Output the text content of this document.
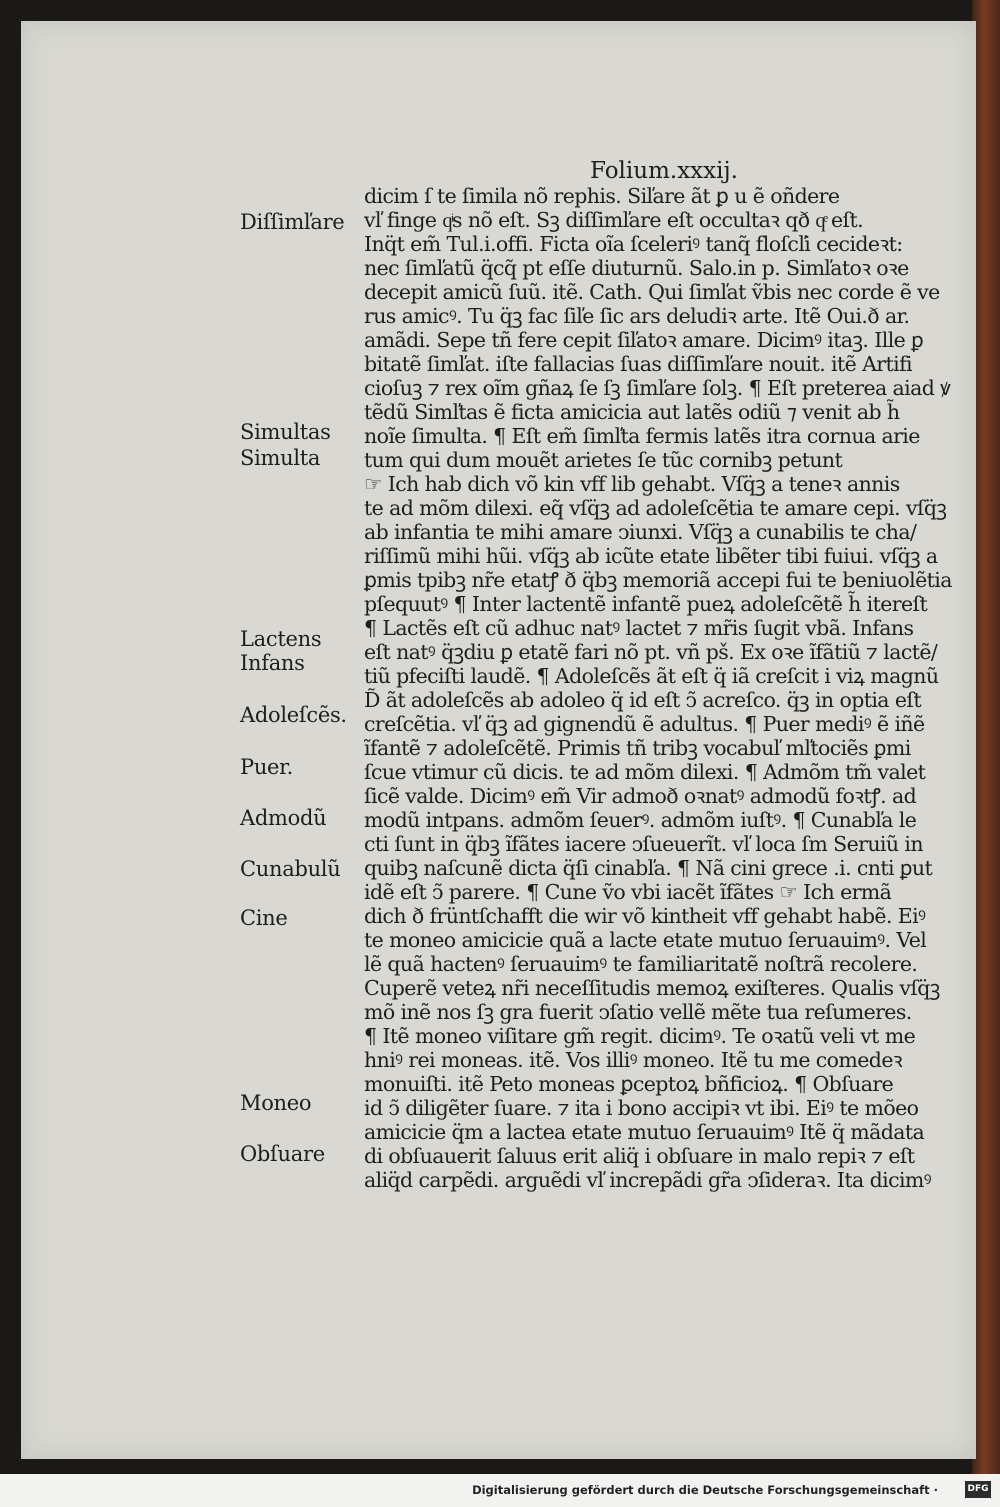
Folium.xxxij.
dicim ſ te ſimila nõ rephis. Siľare ãt ꝑ u ẽ oñdere
vľ finge qͥs nõ eſt. Sꝫ diſſimľare eſt occultaꝛ qð qͤ eſt.
Inq̈t em̃ Tul.i.offi. Ficta oĩa ſceleriꝰ tanq̃ floſcľi cecideꝛt:
nec ſimľatũ q̈cq̃ pt eſſe diuturnũ. Salo.in p. Simľatoꝛ oꝛe
decepit amicũ ſuũ. itẽ. Cath. Qui ſimľat ṽbis nec corde ẽ ve
rus amicꝰ. Tu q̈ꝫ fac ſiľe ſic ars deludiꝛ arte. Itẽ Oui.ð ar.
amãdi. Sepe tñ fere cepit ſiľatoꝛ amare. Dicimꝰ itaꝫ. Ille ꝑ
bitatẽ ſimľat. iſte fallacias ſuas diſſimľare nouit. itẽ Artifi
cioſuꝫ ⁊ rex oĩm gñaꝝ ſe ſꝫ ſimľare ſolꝫ. ¶ Eſt preterea aiad ꝟ
tẽdũ Simľtas ẽ ficta amicicia aut latẽs odiũ ⁊ venit ab h̃
noĩe ſimulta. ¶ Eſt em̃ ſimľta fermis latẽs itra cornua arie
tum qui dum mouẽt arietes ſe tũc cornibꝫ petunt
☞ Ich hab dich võ kin vff lib gehabt. Vſq̈ꝫ a teneꝛ annis
te ad mõm dilexi. eq̃ vſq̈ꝫ ad adoleſcẽtia te amare cepi. vſq̈ꝫ
ab infantia te mihi amare ↄiunxi. Vſq̈ꝫ a cunabilis te cha/
riſſimũ mihi hũi. vſq̈ꝫ ab icũte etate libẽter tibi fuiui. vſq̈ꝫ a
ꝑmis tpibꝫ nr̃e etatꝭ ð q̈bꝫ memoriã accepi fui te beniuolẽtia
pſequutꝰ ¶ Inter lactentẽ infantẽ pueꝝ adoleſcẽtẽ h̃ itereſt
¶ Lactẽs eſt cũ adhuc natꝰ lactet ⁊ mr̃is ſugit vbã. Infans
eſt natꝰ q̈ꝫdiu ꝑ etatẽ fari nõ pt. vñ pš. Ex oꝛe ĩfãtiũ ⁊ lactẽ/
tiũ pfeciſti laudẽ. ¶ Adoleſcẽs ãt eſt q̈ iã creſcit i viꝝ magnũ
D̃ ãt adoleſcẽs ab adoleo q̈ id eſt ↄ̃ acreſco. q̈ꝫ in optia eſt
creſcẽtia. vľ q̈ꝫ ad gignendũ ẽ adultus. ¶ Puer mediꝰ ẽ iñẽ
ĩfantẽ ⁊ adoleſcẽtẽ. Primis tñ tribꝫ vocabuľ mľtociẽs ꝑmi
ſcue vtimur cũ dicis. te ad mõm dilexi. ¶ Admõm tm̃ valet
ſicẽ valde. Dicimꝰ em̃ Vir admoð oꝛnatꝰ admodũ foꝛtꝭ. ad
modũ intpans. admõm ſeuerꝰ. admõm iuſtꝰ. ¶ Cunabľa le
cti ſunt in q̈bꝫ ĩfãtes iacere ↄſueuerĩt. vľ loca ſm Seruiũ in
quibꝫ naſcunẽ dicta q̈ſi cinabľa. ¶ Nã cini grece .i. cnti ꝑut
idẽ eſt ↄ̃ parere. ¶ Cune ṽo vbi iacẽt ĩfãtes ☞ Ich ermã
dich ð früntſchafft die wir võ kintheit vff gehabt habẽ. Eiꝰ
te moneo amicicie quã a lacte etate mutuo ſeruauimꝰ. Vel
lẽ quã hactenꝰ ſeruauimꝰ te familiaritatẽ noſtrã recolere.
Cuperẽ veteꝝ nr̃i neceſſitudis memoꝝ exiſteres. Qualis vſq̈ꝫ
mõ inẽ nos ſꝫ gra fuerit ↄſatio vellẽ mẽte tua reſumeres.
¶ Itẽ moneo viſitare gm̃ regit. dicimꝰ. Te oꝛatũ veli vt me
hniꝰ rei moneas. itẽ. Vos illiꝰ moneo. Itẽ tu me comedeꝛ
monuiſti. itẽ Peto moneas ꝑceptoꝝ bñficioꝝ. ¶ Obſuare
id ↄ̃ diligẽter ſuare. ⁊ ita i bono accipiꝛ vt ibi. Eiꝰ te mõeo
amicicie q̈m a lactea etate mutuo ſeruauimꝰ Itẽ q̈ mãdata
di obſuauerit ſaluus erit aliq̈ i obſuare in malo repiꝛ ⁊ eſt
aliq̈d carpẽdi. arguẽdi vľ increpãdi gr̃a ↄſideraꝛ. Ita dicimꝰ
Diſſimľare
Simultas
Simulta
Lactens
Infans
Adoleſcẽs.
Puer.
Admodũ
Cunabulũ
Cine
Moneo
Obſuare
Digitalisierung gefördert durch die Deutsche Forschungsgemeinschaft ·	DFG
